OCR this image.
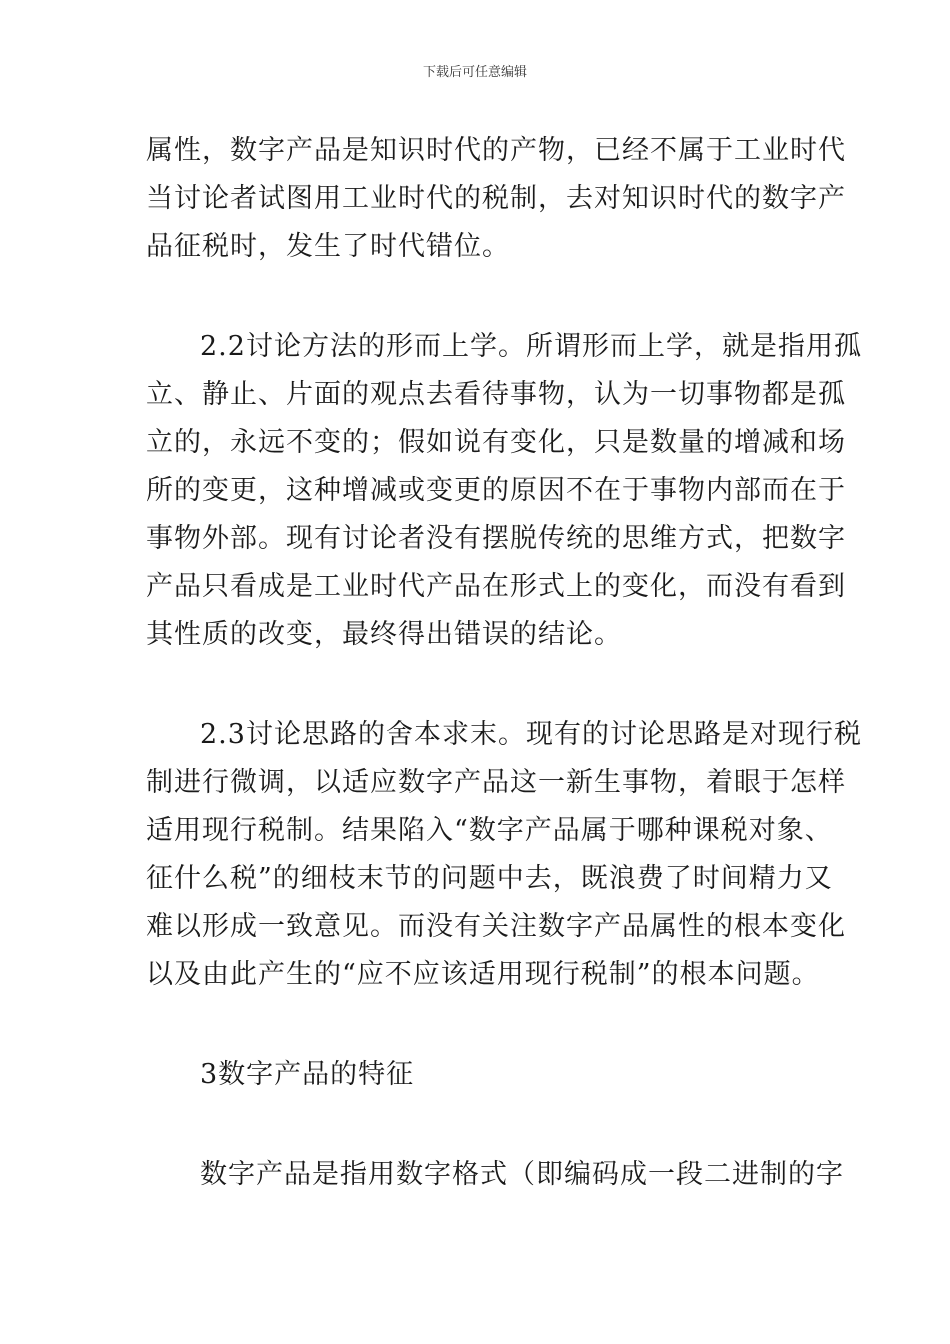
下载后可任意编辑
属性，数字产品是知识时代的产物，已经不属于工业时代
当讨论者试图用工业时代的税制，去对知识时代的数字产
品征税时，发生了时代错位。
2.2讨论方法的形而上学。所谓形而上学，就是指用孤
立、静止、片面的观点去看待事物，认为一切事物都是孤
立的，永远不变的；假如说有变化，只是数量的增减和场
所的变更，这种增减或变更的原因不在于事物内部而在于
事物外部。现有讨论者没有摆脱传统的思维方式，把数字
产品只看成是工业时代产品在形式上的变化，而没有看到
其性质的改变，最终得出错误的结论。
2.3讨论思路的舍本求末。现有的讨论思路是对现行税
制进行微调，以适应数字产品这一新生事物，着眼于怎样
适用现行税制。结果陷入“数字产品属于哪种课税对象、
征什么税”的细枝末节的问题中去，既浪费了时间精力又
难以形成一致意见。而没有关注数字产品属性的根本变化
以及由此产生的“应不应该适用现行税制”的根本问题。
3数字产品的特征
数字产品是指用数字格式（即编码成一段二进制的字
